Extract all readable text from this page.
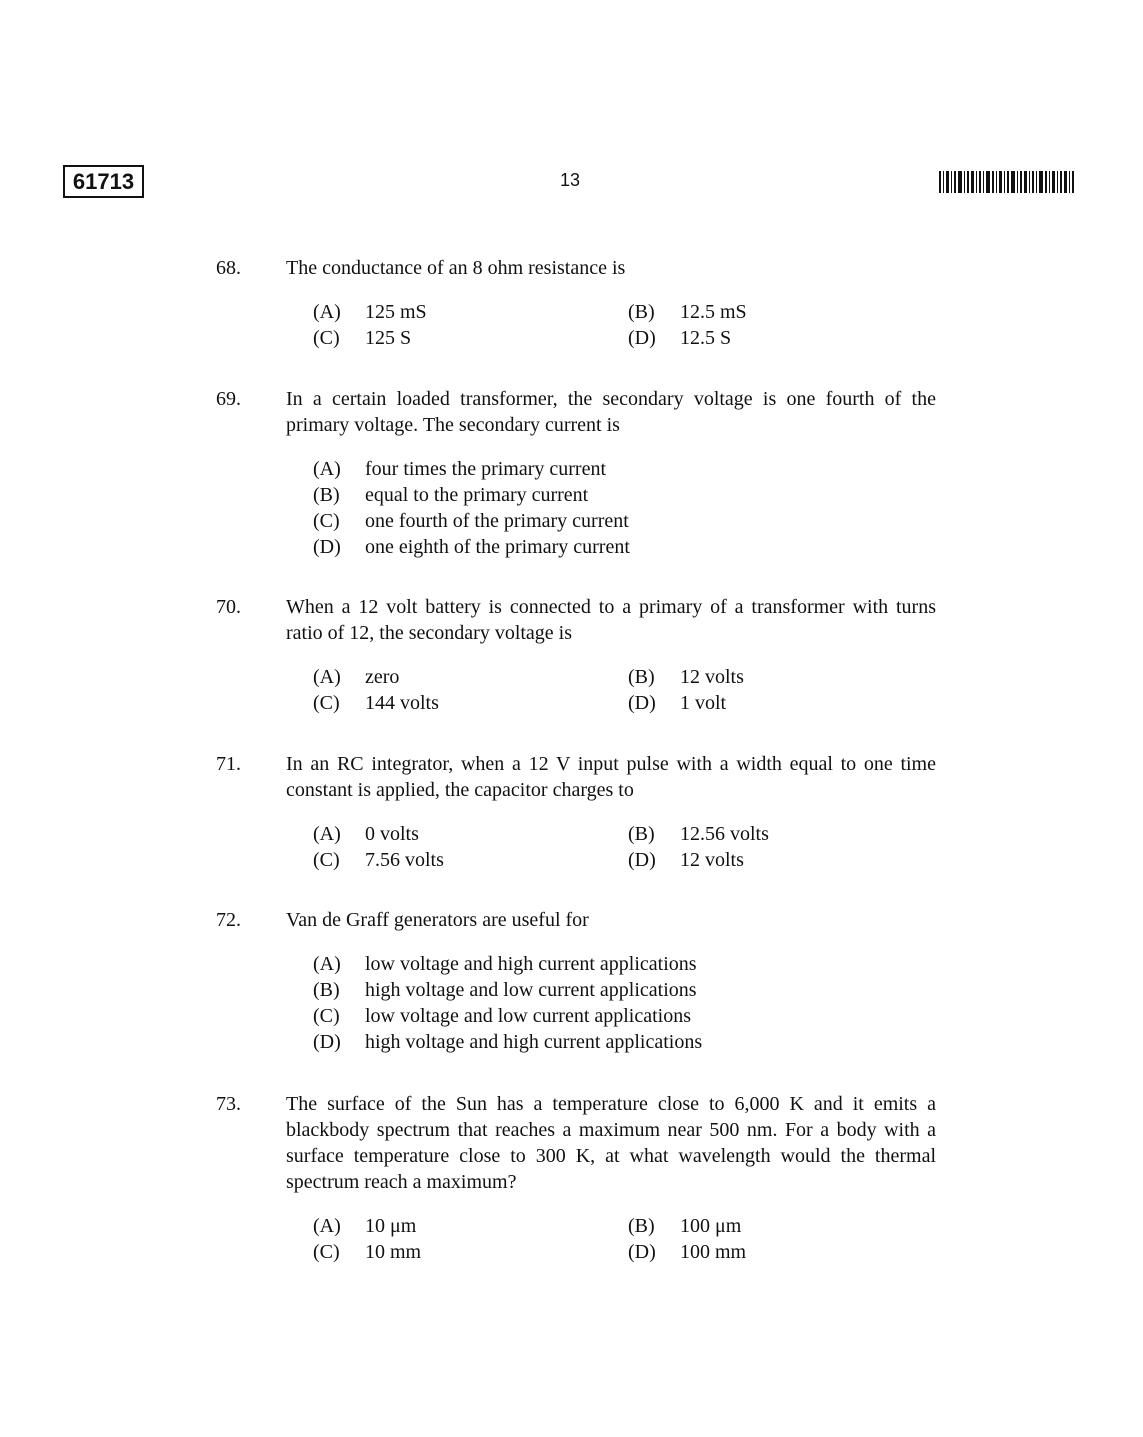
61713	13
68.	The conductance of an 8 ohm resistance is
(A)	125 mS	(B)	12.5 mS
(C)	125 S	(D)	12.5 S
69.	In a certain loaded transformer, the secondary voltage is one fourth of the primary voltage. The secondary current is
(A)	four times the primary current
(B)	equal to the primary current
(C)	one fourth of the primary current
(D)	one eighth of the primary current
70.	When a 12 volt battery is connected to a primary of a transformer with turns ratio of 12, the secondary voltage is
(A)	zero	(B)	12 volts
(C)	144 volts	(D)	1 volt
71.	In an RC integrator, when a 12 V input pulse with a width equal to one time constant is applied, the capacitor charges to
(A)	0 volts	(B)	12.56 volts
(C)	7.56 volts	(D)	12 volts
72.	Van de Graff generators are useful for
(A)	low voltage and high current applications
(B)	high voltage and low current applications
(C)	low voltage and low current applications
(D)	high voltage and high current applications
73.	The surface of the Sun has a temperature close to 6,000 K and it emits a blackbody spectrum that reaches a maximum near 500 nm. For a body with a surface temperature close to 300 K, at what wavelength would the thermal spectrum reach a maximum?
(A)	10 μm	(B)	100 μm
(C)	10 mm	(D)	100 mm
